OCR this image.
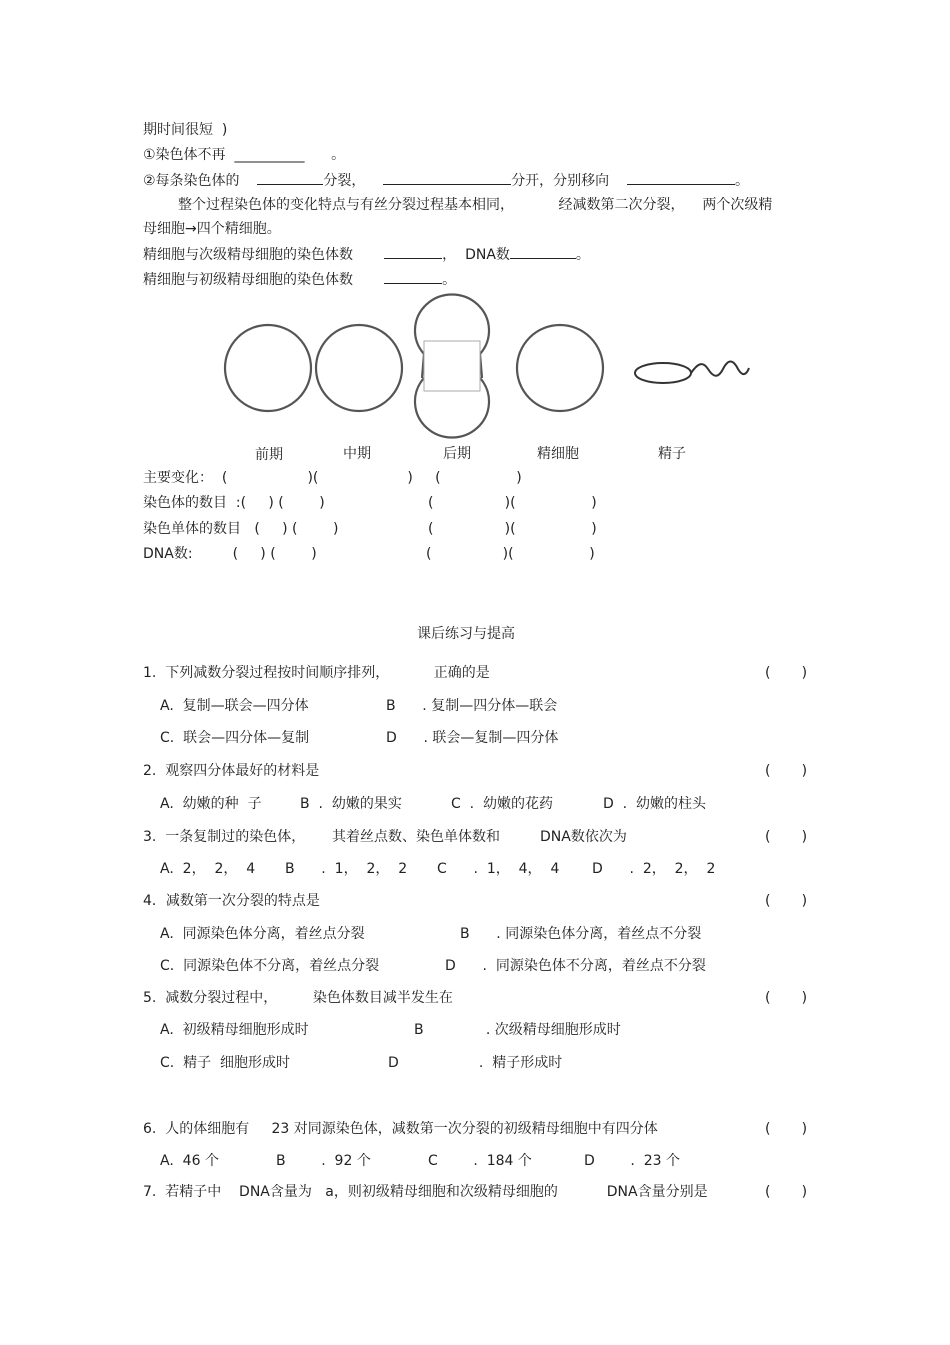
期时间很短  )
①染色体不再 __________ 。
②每条染色体的	分裂，	分开，分别移向	。
整个过程染色体的变化特点与有丝分裂过程基本相同，	经减数第二次分裂， 两个次级精
母细胞→四个精细胞。
精细胞与次级精母细胞的染色体数	， DNA数	。
精细胞与初级精母细胞的染色体数	。
前期	中期	后期	精细胞	精子
主要变化：  (                  )(                    )     (                 )
染色体的数目  :(     ) (        )	(                )(                 )
染色单体的数目   (     ) (        )	(                )(                 )
DNA数:         (     ) (        )	(                )(                 )
课后练习与提高
1.  下列减数分裂过程按时间顺序排列，          正确的是	(       )
A.  复制—联会—四分体	B      . 复制—四分体—联会
C.  联会—四分体—复制	D      . 联会—复制—四分体
2.  观察四分体最好的材料是	(       )
A.  幼嫩的种  子	B  .  幼嫩的果实	C  .  幼嫩的花药	D  .  幼嫩的柱头
3.  一条复制过的染色体，      其着丝点数、染色单体数和         DNA数依次为	(       )
A.  2，  2，  4 B      .  1，  2，  2 C      .  1，  4，  4 D      .  2，  2，  2
4．减数第一次分裂的特点是	(       )
A.  同源染色体分离，着丝点分裂	B      . 同源染色体分离，着丝点不分裂
C.  同源染色体不分离，着丝点分裂	D      .  同源染色体不分离，着丝点不分裂
5.  减数分裂过程中，        染色体数目减半发生在	(       )
A.  初级精母细胞形成时	B              . 次级精母细胞形成时
C.  精子  细胞形成时	D                  .  精子形成时
6.  人的体细胞有     23 对同源染色体，减数第一次分裂的初级精母细胞中有四分体	(       )
A.  46 个	B        .  92 个	C        .  184 个	D        .  23 个
7.  若精子中    DNA含量为   a，则初级精母细胞和次级精母细胞的           DNA含量分别是	(       )
